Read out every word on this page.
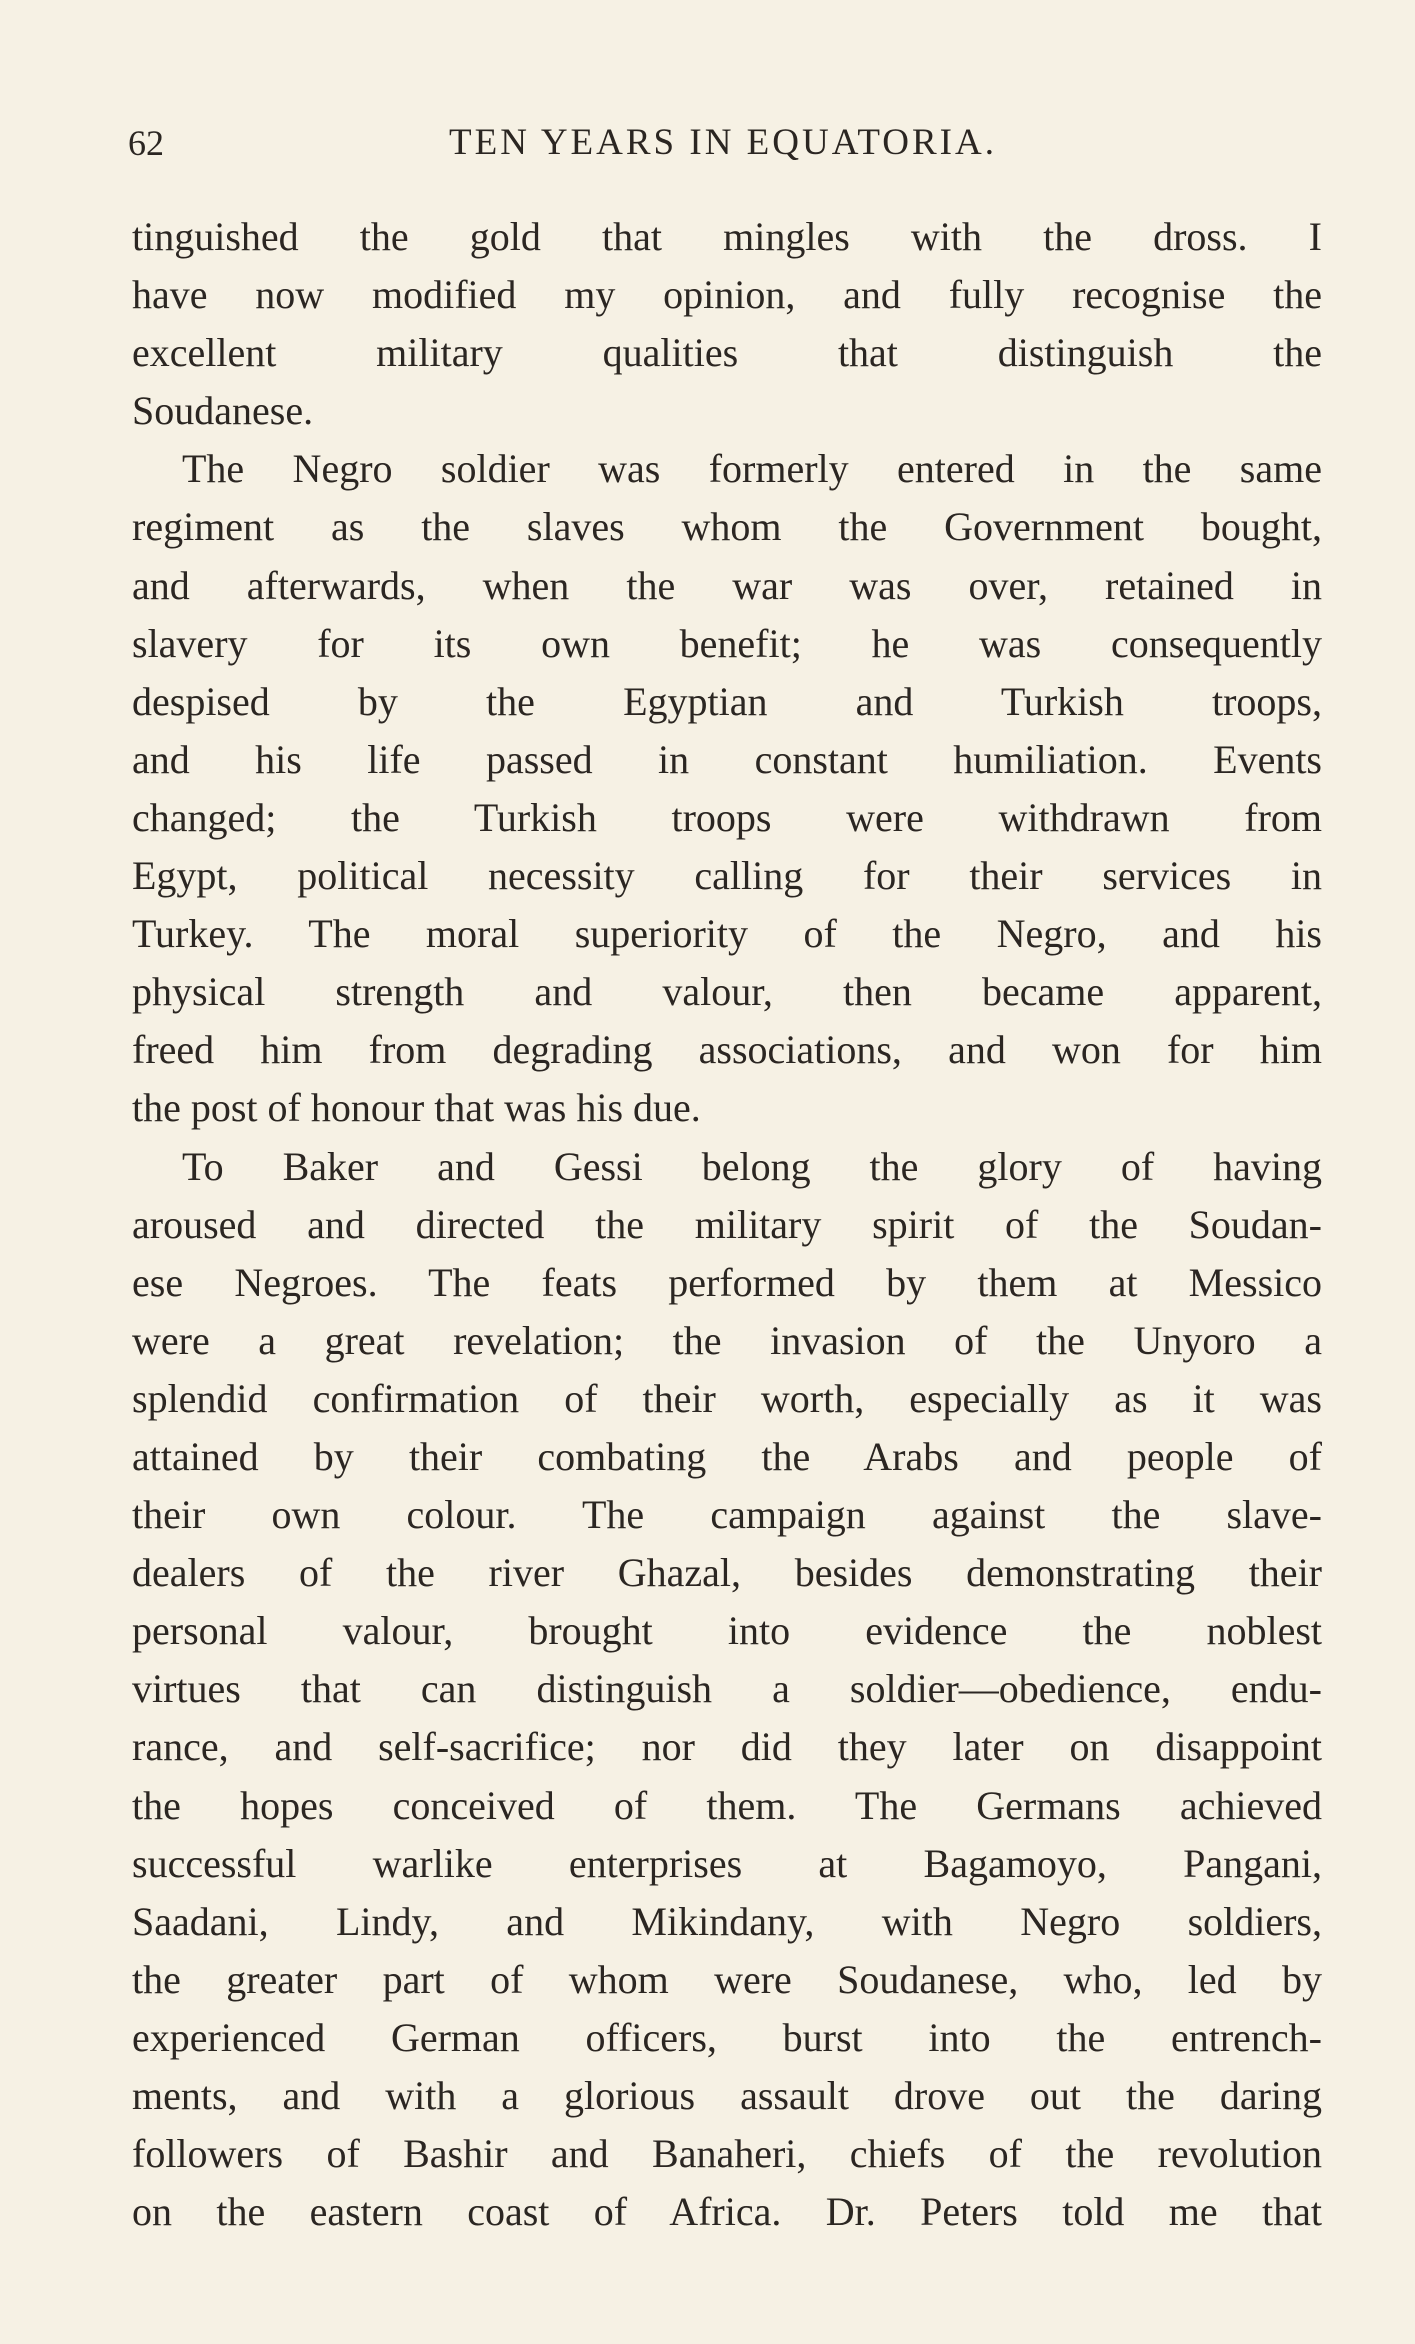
62	TEN YEARS IN EQUATORIA.
tinguished the gold that mingles with the dross. I
have now modified my opinion, and fully recognise the
excellent military qualities that distinguish the
Soudanese.
The Negro soldier was formerly entered in the same
regiment as the slaves whom the Government bought,
and afterwards, when the war was over, retained in
slavery for its own benefit; he was consequently
despised by the Egyptian and Turkish troops,
and his life passed in constant humiliation. Events
changed; the Turkish troops were withdrawn from
Egypt, political necessity calling for their services in
Turkey. The moral superiority of the Negro, and his
physical strength and valour, then became apparent,
freed him from degrading associations, and won for him
the post of honour that was his due.
To Baker and Gessi belong the glory of having
aroused and directed the military spirit of the Soudan-
ese Negroes. The feats performed by them at Messico
were a great revelation; the invasion of the Unyoro a
splendid confirmation of their worth, especially as it was
attained by their combating the Arabs and people of
their own colour. The campaign against the slave-
dealers of the river Ghazal, besides demonstrating their
personal valour, brought into evidence the noblest
virtues that can distinguish a soldier—obedience, endu-
rance, and self-sacrifice; nor did they later on disappoint
the hopes conceived of them. The Germans achieved
successful warlike enterprises at Bagamoyo, Pangani,
Saadani, Lindy, and Mikindany, with Negro soldiers,
the greater part of whom were Soudanese, who, led by
experienced German officers, burst into the entrench-
ments, and with a glorious assault drove out the daring
followers of Bashir and Banaheri, chiefs of the revolution
on the eastern coast of Africa. Dr. Peters told me that
